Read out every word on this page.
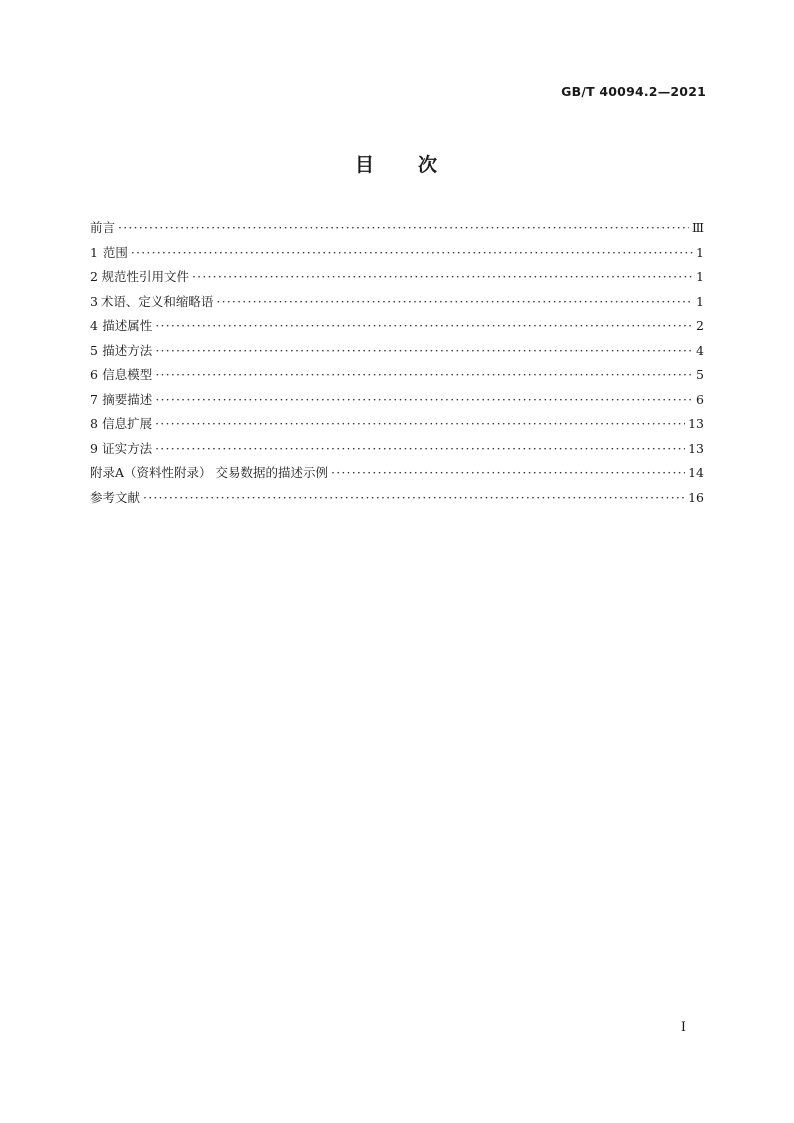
GB/T 40094.2—2021
目 次
前言 ·····	Ⅲ
1 范围 ·····	1
2 规范性引用文件 ·····	1
3 术语、定义和缩略语 ·····	1
4 描述属性 ·····	2
5 描述方法 ·····	4
6 信息模型 ·····	5
7 摘要描述 ·····	6
8 信息扩展 ·····	13
9 证实方法 ·····	13
附录A（资料性附录） 交易数据的描述示例 ·····	14
参考文献 ·····	16
I
